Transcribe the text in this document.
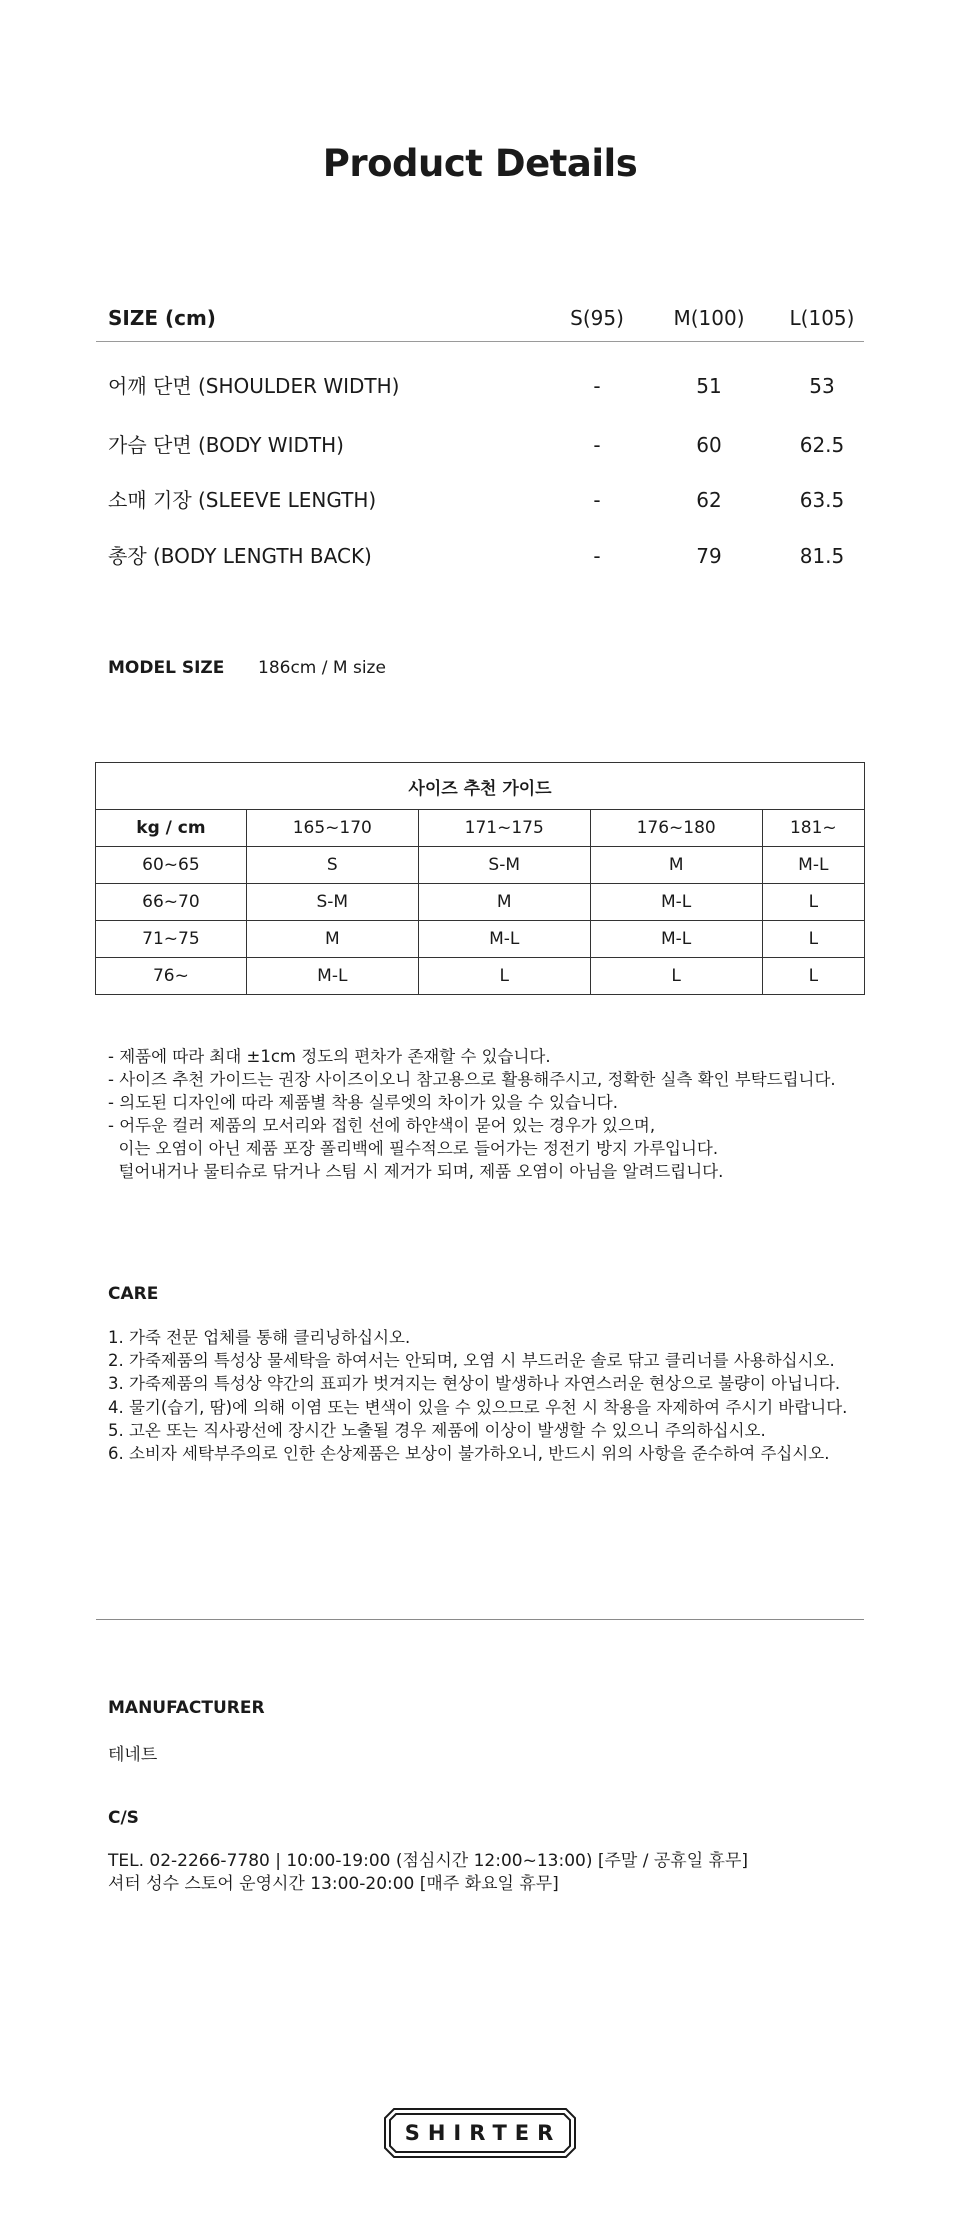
Product Details
SIZE (cm)	S(95)	M(100)	L(105)
어깨 단면 (SHOULDER WIDTH)	-	51	53
가슴 단면 (BODY WIDTH)	-	60	62.5
소매 기장 (SLEEVE LENGTH)	-	62	63.5
총장 (BODY LENGTH BACK)	-	79	81.5
MODEL SIZE 186cm / M size
사이즈 추천 가이드				
kg / cm	165~170	171~175	176~180	181~
60~65	S	S-M	M	M-L
66~70	S-M	M	M-L	L
71~75	M	M-L	M-L	L
76~	M-L	L	L	L
- 제품에 따라 최대 ±1cm 정도의 편차가 존재할 수 있습니다.
- 사이즈 추천 가이드는 권장 사이즈이오니 참고용으로 활용해주시고, 정확한 실측 확인 부탁드립니다.
- 의도된 디자인에 따라 제품별 착용 실루엣의 차이가 있을 수 있습니다.
- 어두운 컬러 제품의 모서리와 접힌 선에 하얀색이 묻어 있는 경우가 있으며,
이는 오염이 아닌 제품 포장 폴리백에 필수적으로 들어가는 정전기 방지 가루입니다.
털어내거나 물티슈로 닦거나 스팀 시 제거가 되며, 제품 오염이 아님을 알려드립니다.
CARE
1. 가죽 전문 업체를 통해 클리닝하십시오.
2. 가죽제품의 특성상 물세탁을 하여서는 안되며, 오염 시 부드러운 솔로 닦고 클리너를 사용하십시오.
3. 가죽제품의 특성상 약간의 표피가 벗겨지는 현상이 발생하나 자연스러운 현상으로 불량이 아닙니다.
4. 물기(습기, 땀)에 의해 이염 또는 변색이 있을 수 있으므로 우천 시 착용을 자제하여 주시기 바랍니다.
5. 고온 또는 직사광선에 장시간 노출될 경우 제품에 이상이 발생할 수 있으니 주의하십시오.
6. 소비자 세탁부주의로 인한 손상제품은 보상이 불가하오니, 반드시 위의 사항을 준수하여 주십시오.
MANUFACTURER
테네트
C/S
TEL. 02-2266-7780 | 10:00-19:00 (점심시간 12:00~13:00) [주말 / 공휴일 휴무]
셔터 성수 스토어 운영시간 13:00-20:00 [매주 화요일 휴무]
SHIRTER
